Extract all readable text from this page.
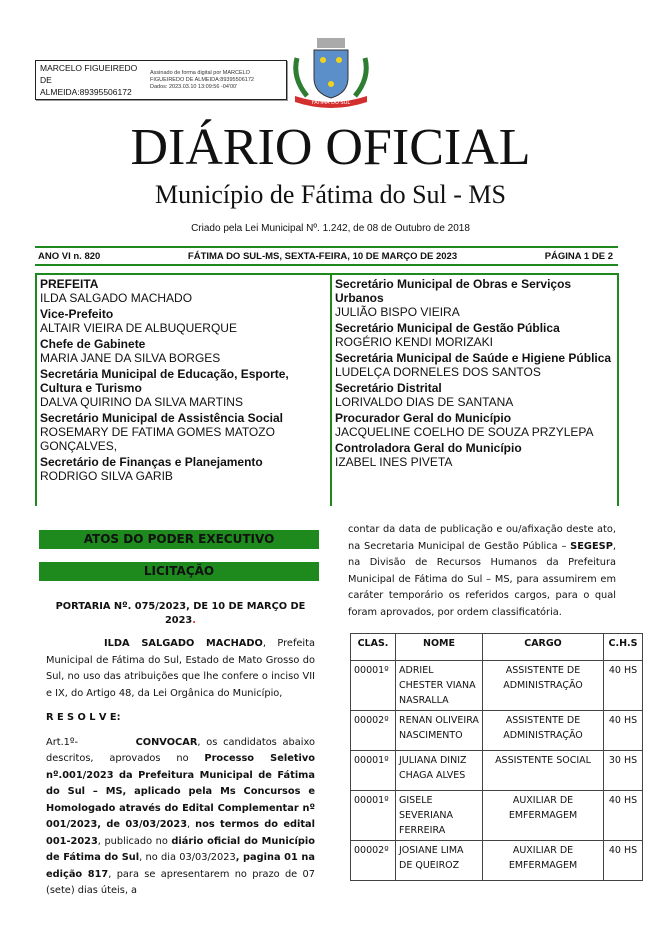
MARCELO FIGUEIREDO DE ALMEIDA:89395506172
Assinado de forma digital por MARCELO
FIGUEIREDO DE ALMEIDA:89395506172
Dados: 2023.03.10 13:09:56 -04'00'
FÁTIMA DO SUL
DIÁRIO OFICIAL
Município de Fátima do Sul - MS
Criado pela Lei Municipal Nº. 1.242, de 08 de Outubro de 2018
ANO VI n. 820	FÁTIMA DO SUL-MS, SEXTA-FEIRA, 10 DE MARÇO DE 2023	PÁGINA 1 DE 2
PREFEITA
ILDA SALGADO MACHADO
Vice-Prefeito
ALTAIR VIEIRA DE ALBUQUERQUE
Chefe de Gabinete
MARIA JANE DA SILVA BORGES
Secretária Municipal de Educação, Esporte, Cultura e Turismo
DALVA QUIRINO DA SILVA MARTINS
Secretário Municipal de Assistência Social
ROSEMARY DE FATIMA GOMES MATOZO GONÇALVES,
Secretário de Finanças e Planejamento
RODRIGO SILVA GARIB
Secretário Municipal de Obras e Serviços Urbanos
JULIÃO BISPO VIEIRA
Secretário Municipal de Gestão Pública
ROGÉRIO KENDI MORIZAKI
Secretária Municipal de Saúde e Higiene Pública
LUDELÇA DORNELES DOS SANTOS
Secretário Distrital
LORIVALDO DIAS DE SANTANA
Procurador Geral do Município
JACQUELINE COELHO DE SOUZA PRZYLEPA
Controladora Geral do Município
IZABEL INES PIVETA
ATOS DO PODER EXECUTIVO
LICITAÇÃO
PORTARIA Nº. 075/2023, DE 10 DE MARÇO DE 2023.

ILDA SALGADO MACHADO, Prefeita Municipal de Fátima do Sul, Estado de Mato Grosso do Sul, no uso das atribuições que lhe confere o inciso VII e IX, do Artigo 48, da Lei Orgânica do Município,

R E S O L V E:

Art.1º-	CONVOCAR, os candidatos abaixo descritos, aprovados no Processo Seletivo nº.001/2023 da Prefeitura Municipal de Fátima do Sul – MS, aplicado pela Ms Concursos e Homologado através do Edital Complementar nº 001/2023, de 03/03/2023, nos termos do edital 001-2023, publicado no diário oficial do Município de Fátima do Sul, no dia 03/03/2023, pagina 01 na edição 817, para se apresentarem no prazo de 07 (sete) dias úteis, a

contar da data de publicação e ou/afixação deste ato, na Secretaria Municipal de Gestão Pública – SEGESP, na Divisão de Recursos Humanos da Prefeitura Municipal de Fátima do Sul – MS, para assumirem em caráter temporário os referidos cargos, para o qual foram aprovados, por ordem classificatória.
CLAS.	NOME	CARGO	C.H.S
00001º	ADRIEL CHESTER VIANA NASRALLA	ASSISTENTE DE ADMINISTRAÇÃO	40 HS
00002º	RENAN OLIVEIRA NASCIMENTO	ASSISTENTE DE ADMINISTRAÇÃO	40 HS
00001º	JULIANA DINIZ CHAGA ALVES	ASSISTENTE SOCIAL	30 HS
00001º	GISELE SEVERIANA FERREIRA	AUXILIAR DE EMFERMAGEM	40 HS
00002º	JOSIANE LIMA DE QUEIROZ	AUXILIAR DE EMFERMAGEM	40 HS
